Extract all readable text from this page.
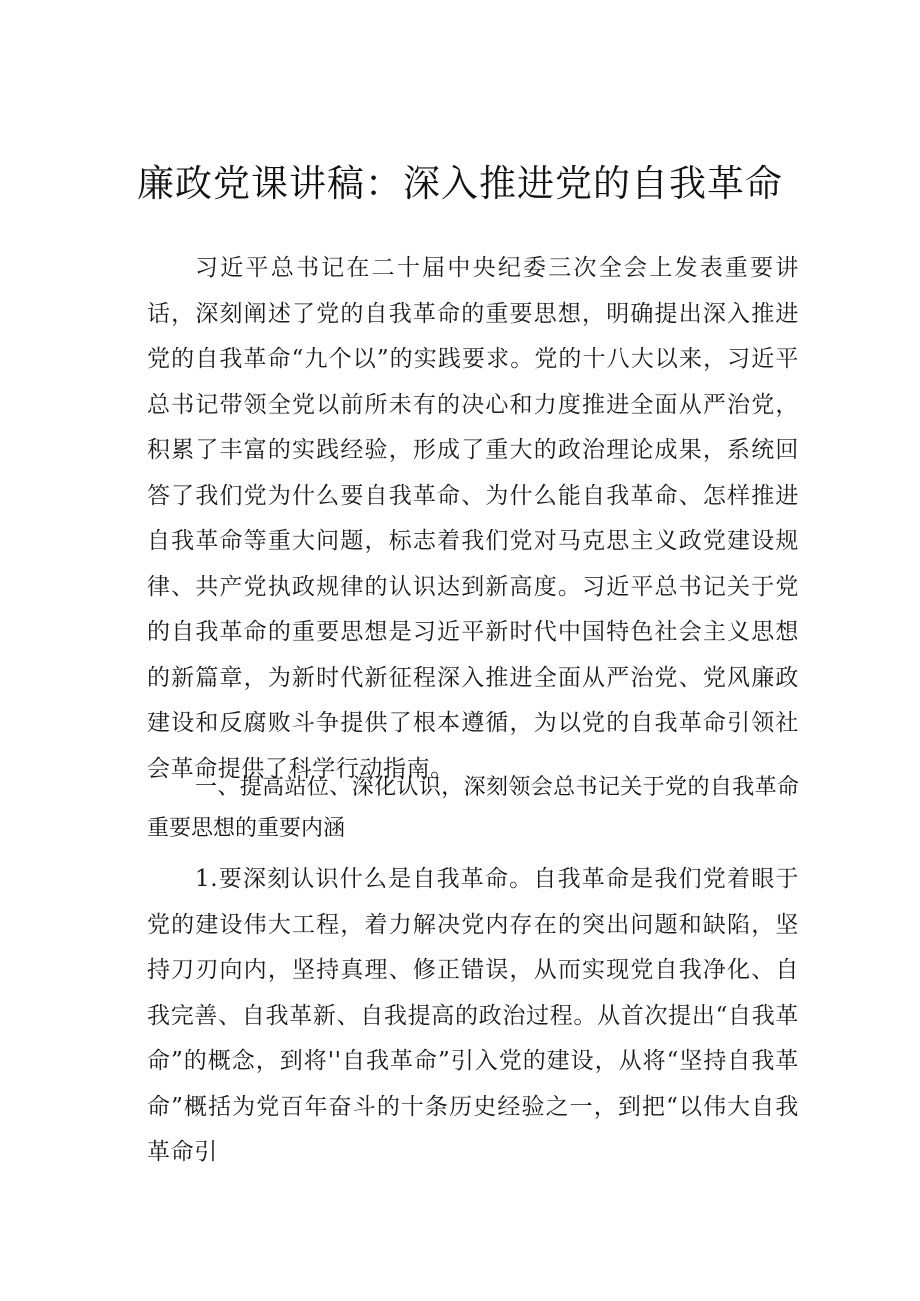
廉政党课讲稿：深入推进党的自我革命

习近平总书记在二十届中央纪委三次全会上发表重要讲话，深刻阐述了党的自我革命的重要思想，明确提出深入推进党的自我革命“九个以”的实践要求。党的十八大以来，习近平总书记带领全党以前所未有的决心和力度推进全面从严治党，积累了丰富的实践经验，形成了重大的政治理论成果，系统回答了我们党为什么要自我革命、为什么能自我革命、怎样推进自我革命等重大问题，标志着我们党对马克思主义政党建设规律、共产党执政规律的认识达到新高度。习近平总书记关于党的自我革命的重要思想是习近平新时代中国特色社会主义思想的新篇章，为新时代新征程深入推进全面从严治党、党风廉政建设和反腐败斗争提供了根本遵循，为以党的自我革命引领社会革命提供了科学行动指南。

一、提高站位、深化认识，深刻领会总书记关于党的自我革命重要思想的重要内涵

1.要深刻认识什么是自我革命。自我革命是我们党着眼于党的建设伟大工程，着力解决党内存在的突出问题和缺陷，坚持刀刃向内，坚持真理、修正错误，从而实现党自我净化、自我完善、自我革新、自我提高的政治过程。从首次提出“自我革命”的概念，到将''自我革命”引入党的建设，从将“坚持自我革命”概括为党百年奋斗的十条历史经验之一，到把“以伟大自我革命引
